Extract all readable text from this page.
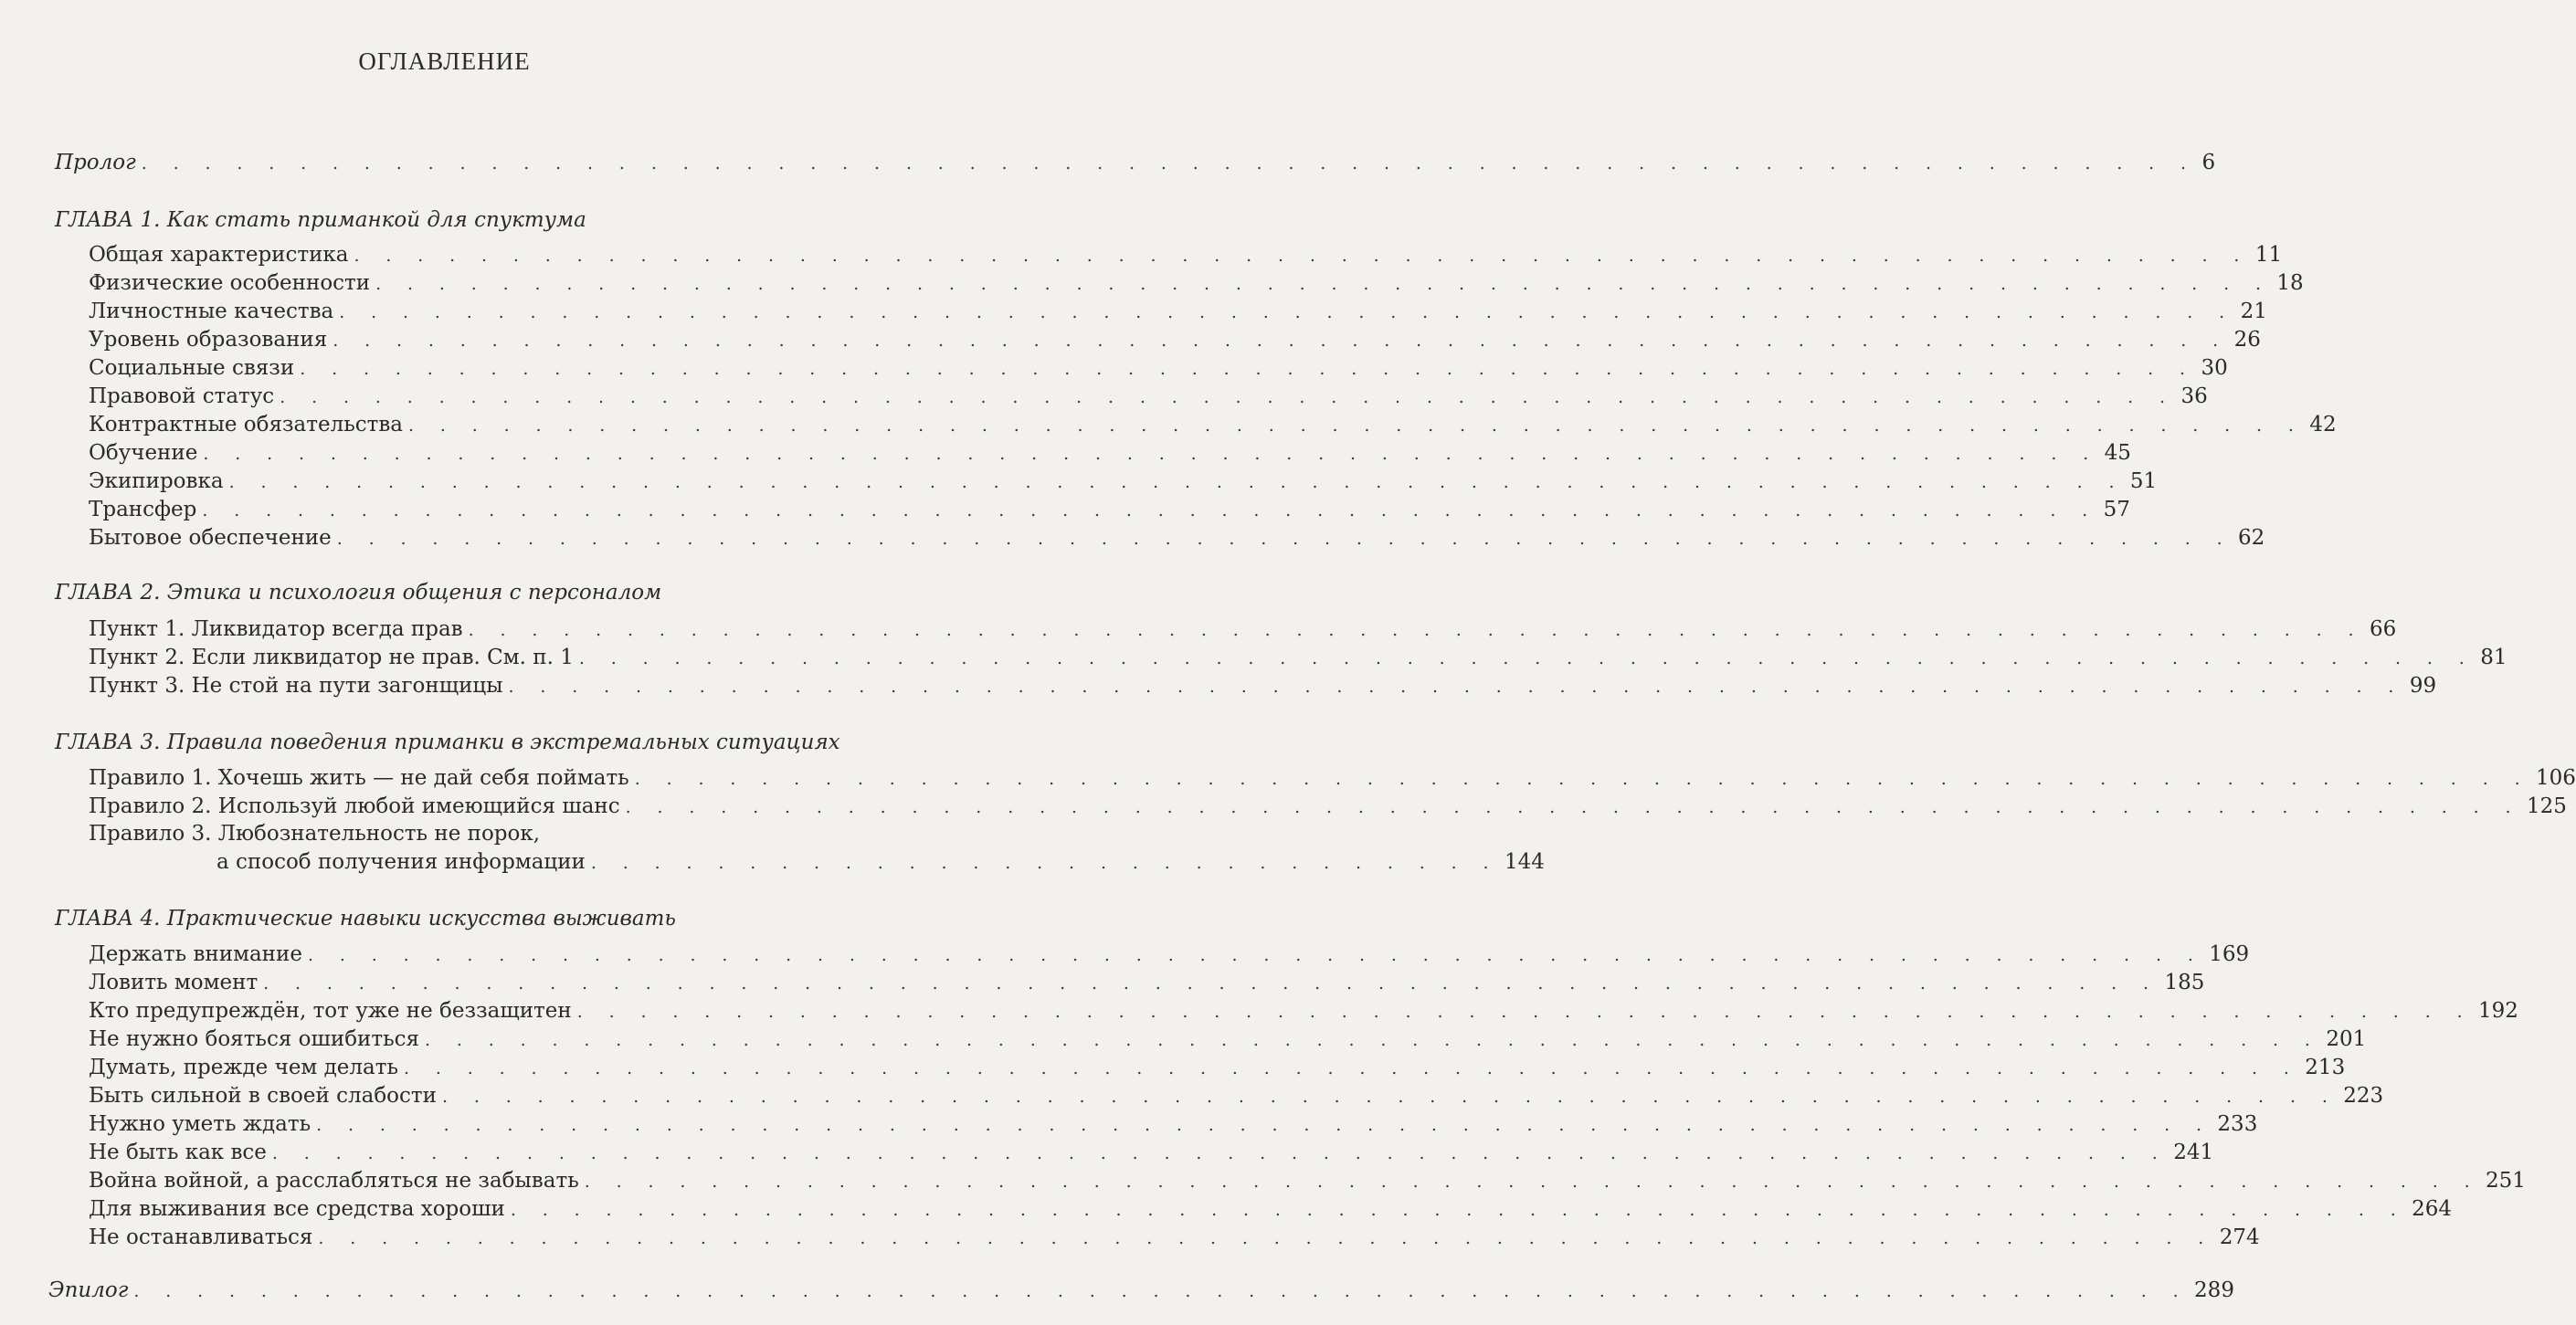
ОГЛАВЛЕНИЕ
Пролог . . . . . . . . . . . . . . . . . . . . . . . . . . . . . . . . . . . . . . . . . . . . . . . . . . . . . . . . . . . . . . . . . 6
ГЛАВА 1. Как стать приманкой для спуктума
Общая характеристика . . . . . . . . . . . . . . . . . . . . . . . . . . . . . . . . . . . . . . . . . . . . . . . . . . . . . . . . . . . . 11
Физические особенности . . . . . . . . . . . . . . . . . . . . . . . . . . . . . . . . . . . . . . . . . . . . . . . . . . . . . . . . . . . . 18
Личностные качества . . . . . . . . . . . . . . . . . . . . . . . . . . . . . . . . . . . . . . . . . . . . . . . . . . . . . . . . . . . . 21
Уровень образования . . . . . . . . . . . . . . . . . . . . . . . . . . . . . . . . . . . . . . . . . . . . . . . . . . . . . . . . . . . . 26
Социальные связи . . . . . . . . . . . . . . . . . . . . . . . . . . . . . . . . . . . . . . . . . . . . . . . . . . . . . . . . . . . . 30
Правовой статус . . . . . . . . . . . . . . . . . . . . . . . . . . . . . . . . . . . . . . . . . . . . . . . . . . . . . . . . . . . . 36
Контрактные обязательства . . . . . . . . . . . . . . . . . . . . . . . . . . . . . . . . . . . . . . . . . . . . . . . . . . . . . . . . . . . . 42
Обучение . . . . . . . . . . . . . . . . . . . . . . . . . . . . . . . . . . . . . . . . . . . . . . . . . . . . . . . . . . . . 45
Экипировка . . . . . . . . . . . . . . . . . . . . . . . . . . . . . . . . . . . . . . . . . . . . . . . . . . . . . . . . . . . . 51
Трансфер . . . . . . . . . . . . . . . . . . . . . . . . . . . . . . . . . . . . . . . . . . . . . . . . . . . . . . . . . . . . 57
Бытовое обеспечение . . . . . . . . . . . . . . . . . . . . . . . . . . . . . . . . . . . . . . . . . . . . . . . . . . . . . . . . . . . . 62
ГЛАВА 2. Этика и психология общения с персоналом
Пункт 1. Ликвидатор всегда прав . . . . . . . . . . . . . . . . . . . . . . . . . . . . . . . . . . . . . . . . . . . . . . . . . . . . . . . . . . . . 66
Пункт 2. Если ликвидатор не прав. См. п. 1 . . . . . . . . . . . . . . . . . . . . . . . . . . . . . . . . . . . . . . . . . . . . . . . . . . . . . . . . . . . . 81
Пункт 3. Не стой на пути загонщицы . . . . . . . . . . . . . . . . . . . . . . . . . . . . . . . . . . . . . . . . . . . . . . . . . . . . . . . . . . . . 99
ГЛАВА 3. Правила поведения приманки в экстремальных ситуациях
Правило 1. Хочешь жить — не дай себя поймать . . . . . . . . . . . . . . . . . . . . . . . . . . . . . . . . . . . . . . . . . . . . . . . . . . . . . . . . . . . . 106
Правило 2. Используй любой имеющийся шанс . . . . . . . . . . . . . . . . . . . . . . . . . . . . . . . . . . . . . . . . . . . . . . . . . . . . . . . . . . . . 125
Правило 3. Любознательность не порок,
а способ получения информации . . . . . . . . . . . . . . . . . . . . . . . . . . . . . 144
ГЛАВА 4. Практические навыки искусства выживать
Держать внимание . . . . . . . . . . . . . . . . . . . . . . . . . . . . . . . . . . . . . . . . . . . . . . . . . . . . . . . . . . . . 169
Ловить момент . . . . . . . . . . . . . . . . . . . . . . . . . . . . . . . . . . . . . . . . . . . . . . . . . . . . . . . . . . . . 185
Кто предупреждён, тот уже не беззащитен . . . . . . . . . . . . . . . . . . . . . . . . . . . . . . . . . . . . . . . . . . . . . . . . . . . . . . . . . . . . 192
Не нужно бояться ошибиться . . . . . . . . . . . . . . . . . . . . . . . . . . . . . . . . . . . . . . . . . . . . . . . . . . . . . . . . . . . . 201
Думать, прежде чем делать . . . . . . . . . . . . . . . . . . . . . . . . . . . . . . . . . . . . . . . . . . . . . . . . . . . . . . . . . . . . 213
Быть сильной в своей слабости . . . . . . . . . . . . . . . . . . . . . . . . . . . . . . . . . . . . . . . . . . . . . . . . . . . . . . . . . . . . 223
Нужно уметь ждать . . . . . . . . . . . . . . . . . . . . . . . . . . . . . . . . . . . . . . . . . . . . . . . . . . . . . . . . . . . . 233
Не быть как все . . . . . . . . . . . . . . . . . . . . . . . . . . . . . . . . . . . . . . . . . . . . . . . . . . . . . . . . . . . . 241
Война войной, а расслабляться не забывать . . . . . . . . . . . . . . . . . . . . . . . . . . . . . . . . . . . . . . . . . . . . . . . . . . . . . . . . . . . . 251
Для выживания все средства хороши . . . . . . . . . . . . . . . . . . . . . . . . . . . . . . . . . . . . . . . . . . . . . . . . . . . . . . . . . . . . 264
Не останавливаться . . . . . . . . . . . . . . . . . . . . . . . . . . . . . . . . . . . . . . . . . . . . . . . . . . . . . . . . . . . . 274
Эпилог . . . . . . . . . . . . . . . . . . . . . . . . . . . . . . . . . . . . . . . . . . . . . . . . . . . . . . . . . . . . . . . . . 289
